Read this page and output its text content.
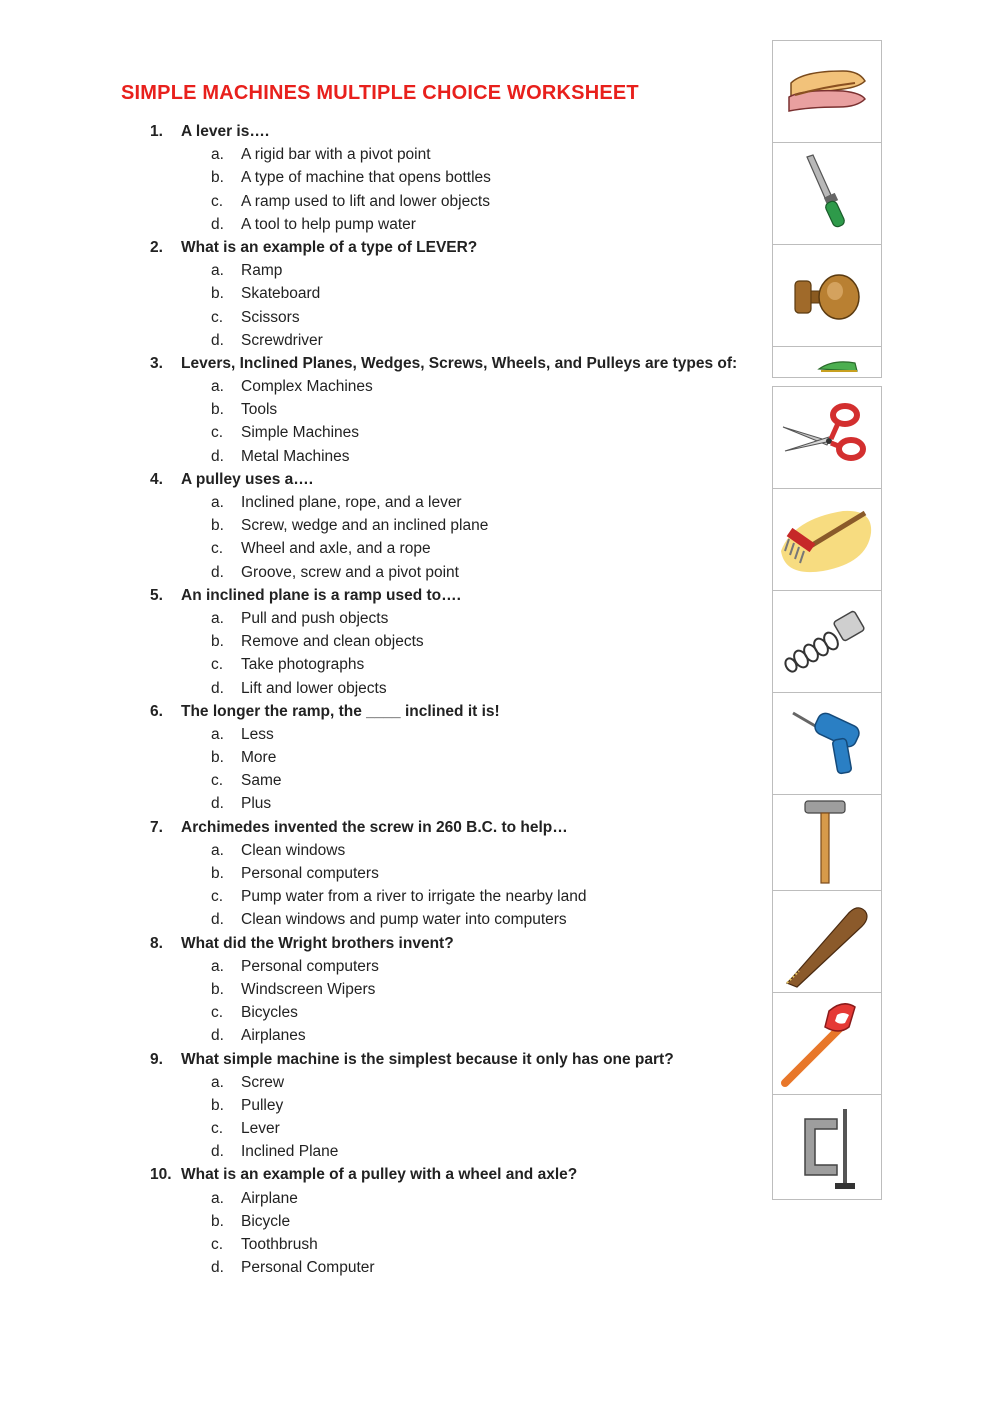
SIMPLE MACHINES MULTIPLE CHOICE WORKSHEET
1. A lever is….
a. A rigid bar with a pivot point
b. A type of machine that opens bottles
c. A ramp used to lift and lower objects
d. A tool to help pump water
2. What is an example of a type of LEVER?
a. Ramp
b. Skateboard
c. Scissors
d. Screwdriver
3. Levers, Inclined Planes, Wedges, Screws, Wheels, and Pulleys are types of:
a. Complex Machines
b. Tools
c. Simple Machines
d. Metal Machines
4. A pulley uses a….
a. Inclined plane, rope, and a lever
b. Screw, wedge and an inclined plane
c. Wheel and axle, and a rope
d. Groove, screw and a pivot point
5. An inclined plane is a ramp used to….
a. Pull and push objects
b. Remove and clean objects
c. Take photographs
d. Lift and lower objects
6. The longer the ramp, the ____ inclined it is!
a. Less
b. More
c. Same
d. Plus
7. Archimedes invented the screw in 260 B.C. to help…
a. Clean windows
b. Personal computers
c. Pump water from a river to irrigate the nearby land
d. Clean windows and pump water into computers
8. What did the Wright brothers invent?
a. Personal computers
b. Windscreen Wipers
c. Bicycles
d. Airplanes
9. What simple machine is the simplest because it only has one part?
a. Screw
b. Pulley
c. Lever
d. Inclined Plane
10. What is an example of a pulley with a wheel and axle?
a. Airplane
b. Bicycle
c. Toothbrush
d. Personal Computer
